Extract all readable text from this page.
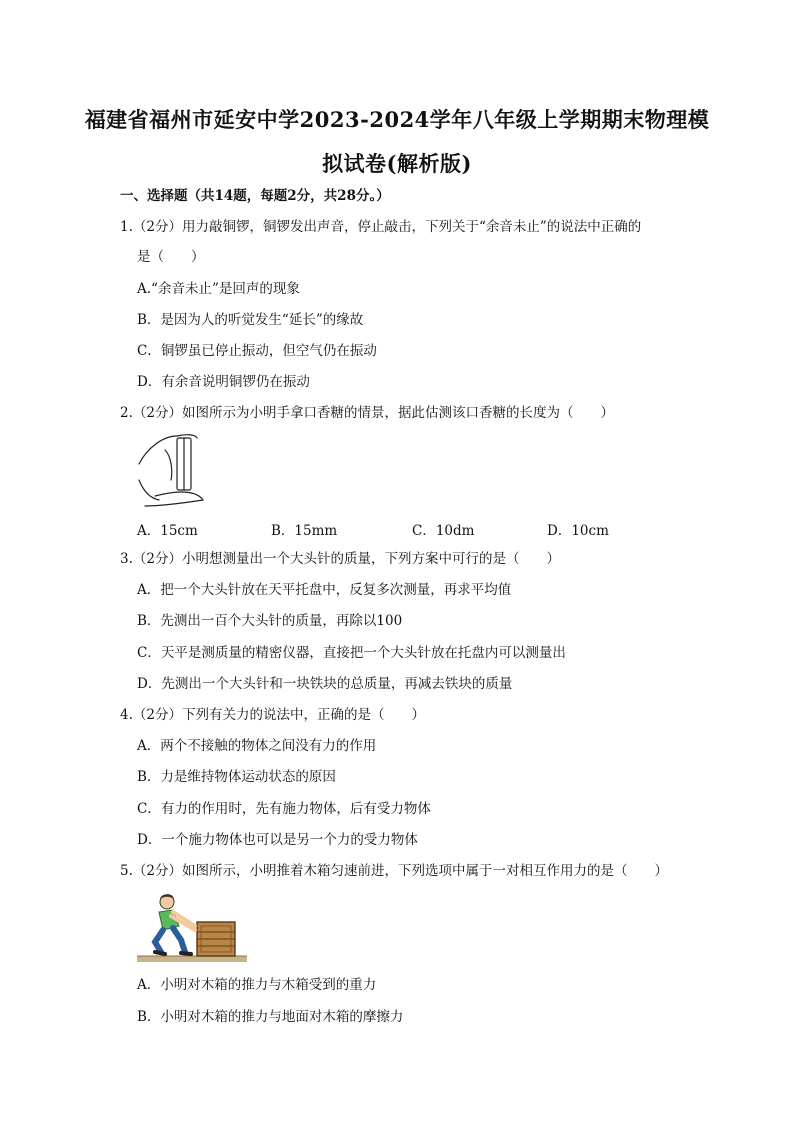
福建省福州市延安中学2023-2024学年八年级上学期期末物理模
拟试卷(解析版)
一、选择题（共14题，每题2分，共28分。）
1.（2分）用力敲铜锣，铜锣发出声音，停止敲击，下列关于“余音未止”的说法中正确的
是（　　）
A.“余音未止”是回声的现象
B．是因为人的听觉发生“延长”的缘故
C．铜锣虽已停止振动，但空气仍在振动
D．有余音说明铜锣仍在振动
2.（2分）如图所示为小明手拿口香糖的情景，据此估测该口香糖的长度为（　　）
A．15cm	B．15mm	C．10dm	D．10cm
3.（2分）小明想测量出一个大头针的质量，下列方案中可行的是（　　）
A．把一个大头针放在天平托盘中，反复多次测量，再求平均值
B．先测出一百个大头针的质量，再除以100
C．天平是测质量的精密仪器，直接把一个大头针放在托盘内可以测量出
D．先测出一个大头针和一块铁块的总质量，再减去铁块的质量
4.（2分）下列有关力的说法中，正确的是（　　）
A．两个不接触的物体之间没有力的作用
B．力是维持物体运动状态的原因
C．有力的作用时，先有施力物体，后有受力物体
D．一个施力物体也可以是另一个力的受力物体
5.（2分）如图所示，小明推着木箱匀速前进，下列选项中属于一对相互作用力的是（　　）
A．小明对木箱的推力与木箱受到的重力
B．小明对木箱的推力与地面对木箱的摩擦力
